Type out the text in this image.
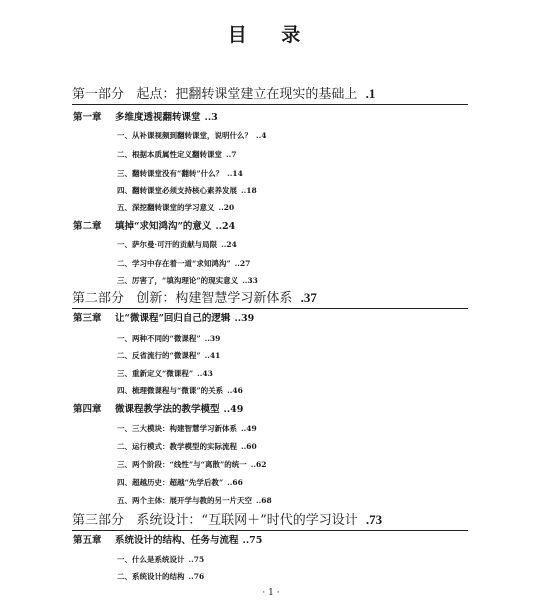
目 录
第一部分 起点：把翻转课堂建立在现实的基础上 .1
第一章 多维度透视翻转课堂 ..3
一、从补课视频到翻转课堂，说明什么？ ..4
二、根据本质属性定义翻转课堂 ..7
三、翻转课堂没有“翻转”什么？ ..14
四、翻转课堂必须支持核心素养发展 ..18
五、深挖翻转课堂的学习意义 ..20
第二章 填掉“求知鸿沟”的意义 ..24
一、萨尔曼·可汗的贡献与局限 ..24
二、学习中存在着一道“求知鸿沟” ..27
三、厉害了，“填沟理论”的现实意义 ..33
第二部分 创新：构建智慧学习新体系 .37
第三章 让“微课程”回归自己的逻辑 ..39
一、两种不同的“微课程” ..39
二、反省流行的“微课程” ..41
三、重新定义“微课程” ..43
四、梳理微课程与“微课”的关系 ..46
第四章 微课程教学法的教学模型 ..49
一、三大模块：构建智慧学习新体系 ..49
二、运行模式：教学模型的实际流程 ..60
三、两个阶段：“线性”与“离散”的统一 ..62
四、超越历史：超越“先学后教” ..66
五、两个主体：展开学与教的另一片天空 ..68
第三部分 系统设计：“互联网＋”时代的学习设计 .73
第五章 系统设计的结构、任务与流程 ..75
一、什么是系统设计 ..75
二、系统设计的结构 ..76
· 1 ·
